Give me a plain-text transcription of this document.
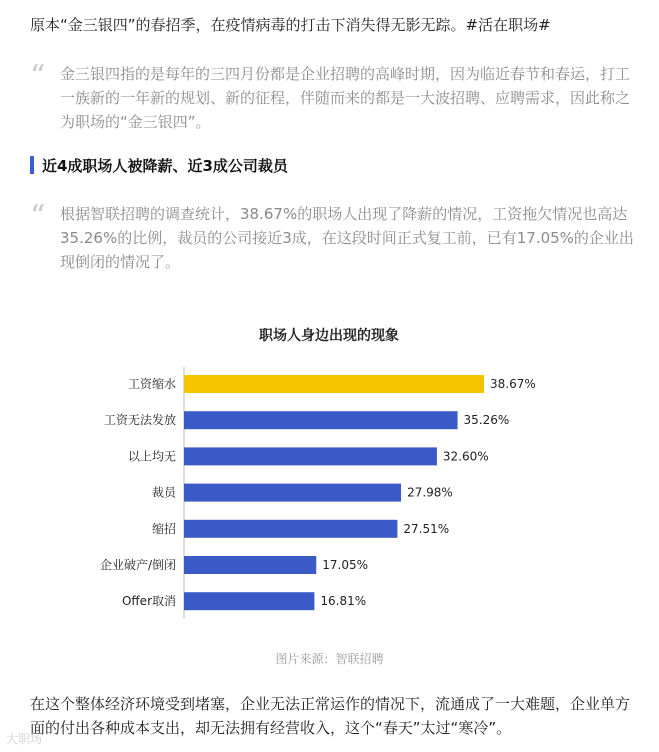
原本“金三银四”的春招季，在疫情病毒的打击下消失得无影无踪。#活在职场#
“ 金三银四指的是每年的三四月份都是企业招聘的高峰时期，因为临近春节和春运，打工一族新的一年新的规划、新的征程，伴随而来的都是一大波招聘、应聘需求，因此称之为职场的“金三银四”。
近4成职场人被降薪、近3成公司裁员
“ 根据智联招聘的调查统计，38.67%的职场人出现了降薪的情况，工资拖欠情况也高达35.26%的比例，裁员的公司接近3成，在这段时间正式复工前，已有17.05%的企业出现倒闭的情况了。
职场人身边出现的现象
工资缩水	38.67%
工资无法发放	35.26%
以上均无	32.60%
裁员	27.98%
缩招	27.51%
企业破产/倒闭	17.05%
Offer取消	16.81%
图片来源：智联招聘
在这个整体经济环境受到堵塞，企业无法正常运作的情况下，流通成了一大难题，企业单方面的付出各种成本支出，却无法拥有经营收入，这个“春天”太过“寒冷”。
大职场
